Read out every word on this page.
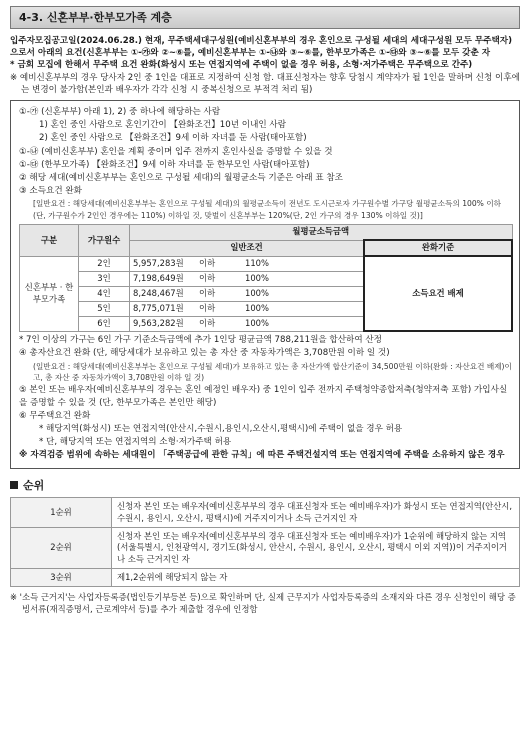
4-3. 신혼부부·한부모가족 계층

입주자모집공고일(2024.06.28.) 현재, 무주택세대구성원(예비신혼부부의 경우 혼인으로 구성될 세대의 세대구성원 모두 무주택자)으로서 아래의 요건(신혼부부는 ①-㉮와 ②~⑥를, 예비신혼부부는 ①-㉯와 ③~⑥를, 한부모가족은 ①-㉰와 ③~⑥를 모두 갖춘 자

* 금회 모집에 한해서 무주택 요건 완화(화성시 또는 연접지역에 주택이 없을 경우 허용, 소형·저가주택은 무주택으로 간주)

※ 예비신혼부부의 경우 당사자 2인 중 1인을 대표로 지정하여 신청 함. 대표신청자는 향후 당첨시 계약자가 될 1인을 말하며 신청 이후에는 변경이 불가함(본인과 배우자가 각각 신청 시 중복신청으로 부적격 처리 됨)

①-㉮ (신혼부부) 아래 1), 2) 중 하나에 해당하는 사람

1) 혼인 중인 사람으로 혼인기간이 【완화조건】10년 이내인 사람

2) 혼인 중인 사람으로 【완화조건】9세 이하 자녀를 둔 사람(태아포함)

①-㉯ (예비신혼부부) 혼인을 계획 중이며 입주 전까지 혼인사실을 증명할 수 있을 것

①-㉰ (한부모가족) 【완화조건】9세 이하 자녀를 둔 한부모인 사람(태아포함)

② 해당 세대(예비신혼부부는 혼인으로 구성될 세대)의 월평균소득 기준은 아래 표 참조

③ 소득요건 완화

[일반요건 : 해당세대(예비신혼부부는 혼인으로 구성될 세대)의 월평균소득이 전년도 도시근로자 가구원수별 가구당 월평균소득의 100% 이하(단, 가구원수가 2인인 경우에는 110%) 이하일 것, 맞벌이 신혼부부는 120%(단, 2인 가구의 경우 130% 이하일 것)]

구분	가구원수	월평균소득금액			
		일반조건			완화기준
신혼부부 · 한부모가족	2인	5,957,283원	이하	110%	소득요건 배제
	3인	7,198,649원	이하	100%	
	4인	8,248,467원	이하	100%	
	5인	8,775,071원	이하	100%	
	6인	9,563,282원	이하	100%	

* 7인 이상의 가구는 6인 가구 기준소득금액에 추가 1인당 평균금액 788,211원을 합산하여 산정

④ 총자산요건 완화 (단, 해당세대가 보유하고 있는 총 자산 중 자동차가액은 3,708만원 이하 일 것)

(일반요건 : 해당세대(예비신혼부부는 혼인으로 구성될 세대)가 보유하고 있는 총 자산가액 합산기준이 34,500만원 이하(완화 : 자산요건 배제)이고, 총 자산 중 자동차가액이 3,708만원 이하 일 것)

⑤ 본인 또는 배우자(예비신혼부부의 경우는 혼인 예정인 배우자) 중 1인이 입주 전까지 주택청약종합저축(청약저축 포함) 가입사실을 증명할 수 있을 것 (단, 한부모가족은 본인만 해당)

⑥ 무주택요건 완화

* 해당지역(화성시) 또는 연접지역(안산시,수원시,용인시,오산시,평택시)에 주택이 없을 경우 허용

* 단, 해당지역 또는 연접지역의 소형·저가주택 허용

※ 자격검증 범위에 속하는 세대원이 「주택공급에 관한 규칙」에 따른 주택건설지역 또는 연접지역에 주택을 소유하지 않은 경우

순위
1순위	신청자 본인 또는 배우자(예비신혼부부의 경우 대표신청자 또는 예비배우자)가 화성시 또는 연접지역(안산시, 수원시, 용인시, 오산시, 평택시)에 거주지이거나 소득 근거지인 자
2순위	신청자 본인 또는 배우자(예비신혼부부의 경우 대표신청자 또는 예비배우자)가 1순위에 해당하지 않는 지역(서울특별시, 인천광역시, 경기도(화성시, 안산시, 수원시, 용인시, 오산시, 평택시 이외 지역))이 거주지이거나 소득 근거지인 자
3순위	제1,2순위에 해당되지 않는 자

※ '소득 근거지'는 사업자등록증(법인등기부등본 등)으로 확인하며 단, 실제 근무지가 사업자등록증의 소재지와 다른 경우 신청인이 해당 증빙서류(재직증명서, 근로계약서 등)를 추가 제출할 경우에 인정함
